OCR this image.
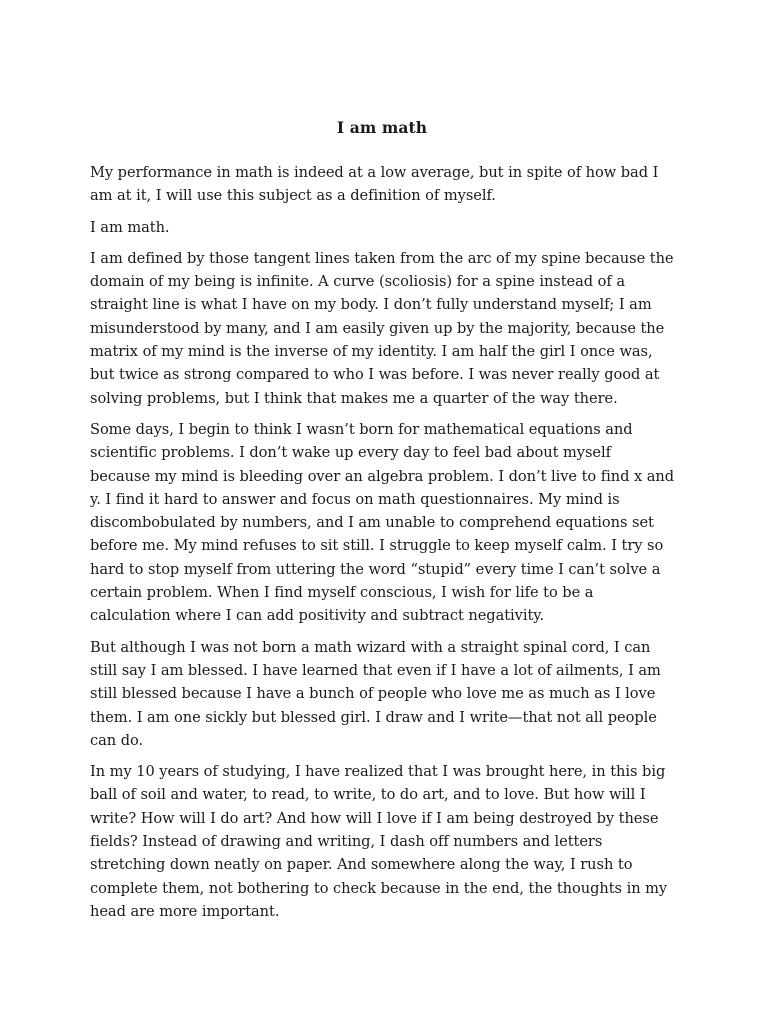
I am math

My performance in math is indeed at a low average, but in spite of how bad I am at it, I will use this subject as a definition of myself.

I am math.

I am defined by those tangent lines taken from the arc of my spine because the domain of my being is infinite. A curve (scoliosis) for a spine instead of a straight line is what I have on my body. I don’t fully understand myself; I am misunderstood by many, and I am easily given up by the majority, because the matrix of my mind is the inverse of my identity. I am half the girl I once was, but twice as strong compared to who I was before. I was never really good at solving problems, but I think that makes me a quarter of the way there.

Some days, I begin to think I wasn’t born for mathematical equations and scientific problems. I don’t wake up every day to feel bad about myself because my mind is bleeding over an algebra problem. I don’t live to find x and y. I find it hard to answer and focus on math questionnaires. My mind is discombobulated by numbers, and I am unable to comprehend equations set before me. My mind refuses to sit still. I struggle to keep myself calm. I try so hard to stop myself from uttering the word “stupid” every time I can’t solve a certain problem. When I find myself conscious, I wish for life to be a calculation where I can add positivity and subtract negativity.

But although I was not born a math wizard with a straight spinal cord, I can still say I am blessed. I have learned that even if I have a lot of ailments, I am still blessed because I have a bunch of people who love me as much as I love them. I am one sickly but blessed girl. I draw and I write—that not all people can do.

In my 10 years of studying, I have realized that I was brought here, in this big ball of soil and water, to read, to write, to do art, and to love. But how will I write? How will I do art? And how will I love if I am being destroyed by these fields? Instead of drawing and writing, I dash off numbers and letters stretching down neatly on paper. And somewhere along the way, I rush to complete them, not bothering to check because in the end, the thoughts in my head are more important.
